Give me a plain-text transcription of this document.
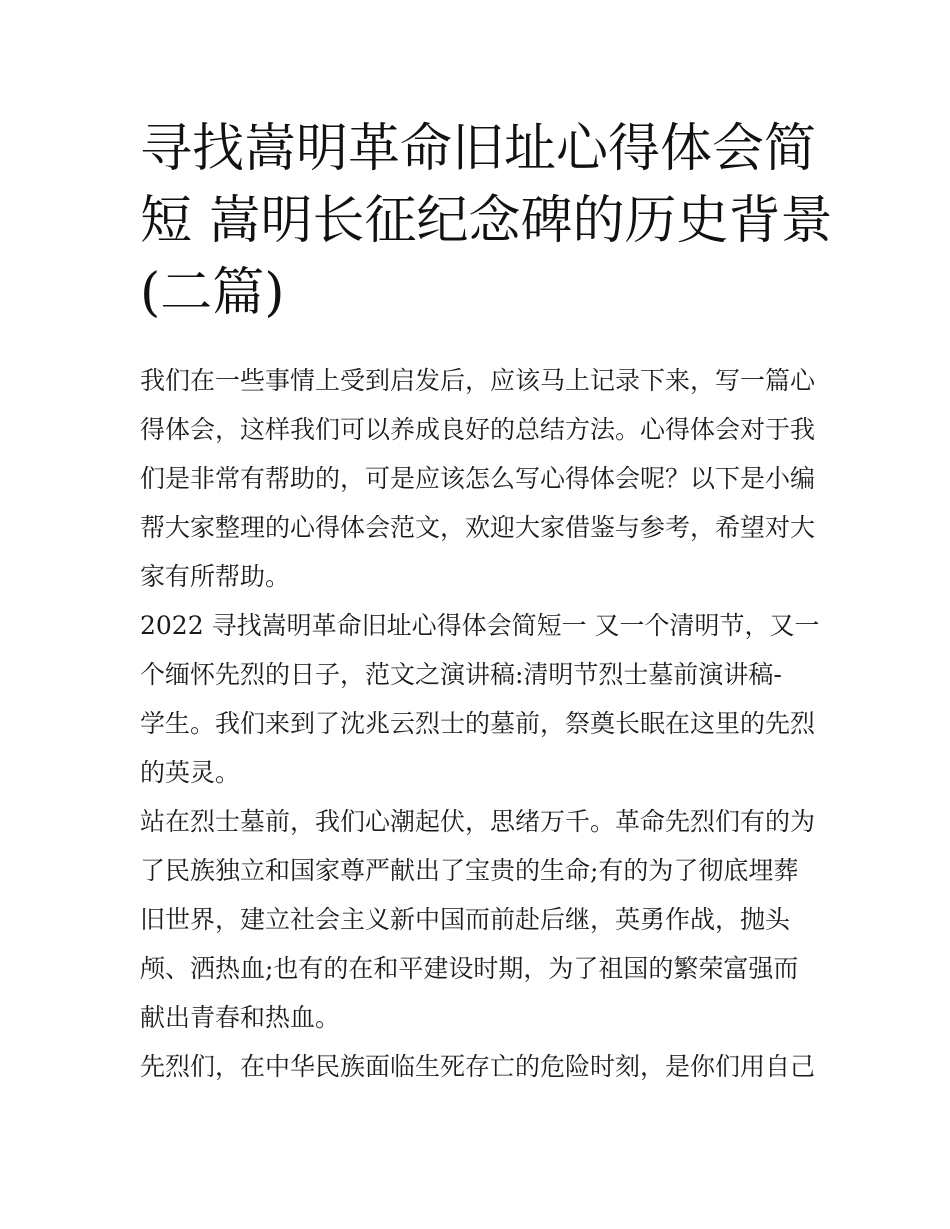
寻找嵩明革命旧址心得体会简
短 嵩明长征纪念碑的历史背景
(二篇)

我们在一些事情上受到启发后，应该马上记录下来，写一篇心
得体会，这样我们可以养成良好的总结方法。心得体会对于我
们是非常有帮助的，可是应该怎么写心得体会呢？以下是小编
帮大家整理的心得体会范文，欢迎大家借鉴与参考，希望对大
家有所帮助。

2022 寻找嵩明革命旧址心得体会简短一 又一个清明节，又一
个缅怀先烈的日子，范文之演讲稿:清明节烈士墓前演讲稿-
学生。我们来到了沈兆云烈士的墓前，祭奠长眠在这里的先烈
的英灵。

站在烈士墓前，我们心潮起伏，思绪万千。革命先烈们有的为
了民族独立和国家尊严献出了宝贵的生命;有的为了彻底埋葬
旧世界，建立社会主义新中国而前赴后继，英勇作战，抛头
颅、洒热血;也有的在和平建设时期，为了祖国的繁荣富强而
献出青春和热血。

先烈们，在中华民族面临生死存亡的危险时刻，是你们用自己
